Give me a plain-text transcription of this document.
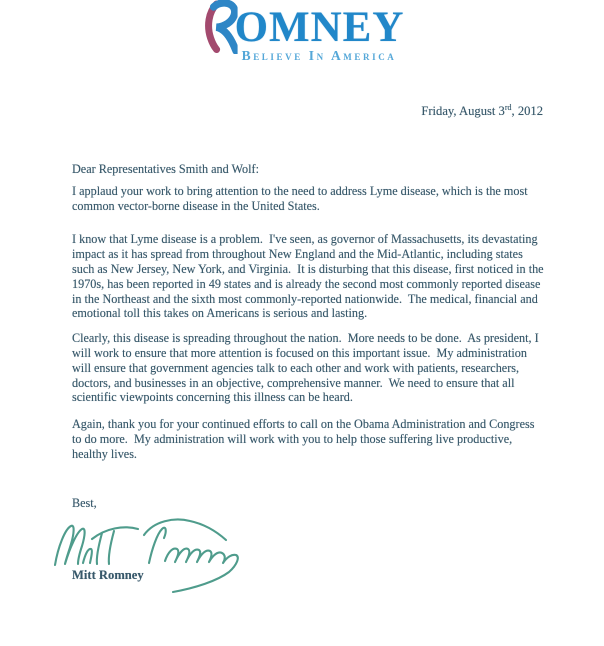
OMNEY
Believe In America
Friday, August 3rd, 2012
Dear Representatives Smith and Wolf:
I applaud your work to bring attention to the need to address Lyme disease, which is the most
common vector-borne disease in the United States.
I know that Lyme disease is a problem.  I've seen, as governor of Massachusetts, its devastating
impact as it has spread from throughout New England and the Mid-Atlantic, including states
such as New Jersey, New York, and Virginia.  It is disturbing that this disease, first noticed in the
1970s, has been reported in 49 states and is already the second most commonly reported disease
in the Northeast and the sixth most commonly-reported nationwide.  The medical, financial and
emotional toll this takes on Americans is serious and lasting.
Clearly, this disease is spreading throughout the nation.  More needs to be done.  As president, I
will work to ensure that more attention is focused on this important issue.  My administration
will ensure that government agencies talk to each other and work with patients, researchers,
doctors, and businesses in an objective, comprehensive manner.  We need to ensure that all
scientific viewpoints concerning this illness can be heard.
Again, thank you for your continued efforts to call on the Obama Administration and Congress
to do more.  My administration will work with you to help those suffering live productive,
healthy lives.
Best,
Mitt Romney
